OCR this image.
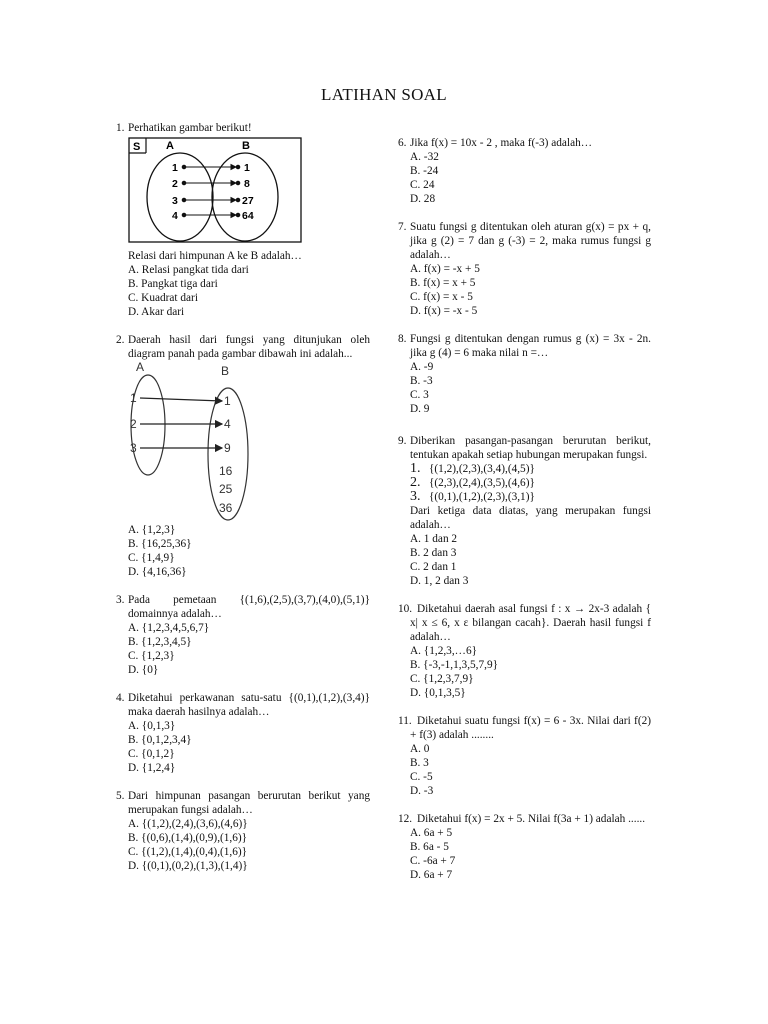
LATIHAN SOAL
1. Perhatikan gambar berikut!

S A	B
1
2
3
4
1
8
27
64

Relasi dari himpunan A ke B adalah…

A. Relasi pangkat tida dari
B. Pangkat tiga dari
C. Kuadrat dari
D. Akar dari
2. Daerah hasil dari fungsi yang ditunjukan oleh diagram panah pada gambar dibawah ini adalah...

A	B
1
2
3
1
4
9
16
25
36
A. {1,2,3}
B. {16,25,36}
C. {1,4,9}
D. {4,16,36}
3. Pada pemetaan {(1,6),(2,5),(3,7),(4,0),(5,1)} domainnya adalah…

A. {1,2,3,4,5,6,7}
B. {1,2,3,4,5}
C. {1,2,3}
D. {0}
4. Diketahui perkawanan satu-satu {(0,1),(1,2),(3,4)} maka daerah hasilnya adalah…

A. {0,1,3}
B. {0,1,2,3,4}
C. {0,1,2}
D. {1,2,4}
5. Dari himpunan pasangan berurutan berikut yang merupakan fungsi adalah…

A. {(1,2),(2,4),(3,6),(4,6)}
B. {(0,6),(1,4),(0,9),(1,6)}
C. {(1,2),(1,4),(0,4),(1,6)}
D. {(0,1),(0,2),(1,3),(1,4)}
6. Jika f(x) = 10x - 2 , maka f(-3) adalah…

A. -32
B. -24
C. 24
D. 28
7. Suatu fungsi g ditentukan oleh aturan g(x) = px + q, jika g (2) = 7 dan g (-3) = 2, maka rumus fungsi g adalah…

A. f(x) = -x + 5
B. f(x) = x + 5
C. f(x) = x - 5
D. f(x) = -x - 5
8. Fungsi g ditentukan dengan rumus g (x) = 3x - 2n. jika g (4) = 6 maka nilai n =…

A. -9
B. -3
C. 3
D. 9
9. Diberikan pasangan-pasangan berurutan berikut, tentukan apakah setiap hubungan merupakan fungsi.

1. {(1,2),(2,3),(3,4),(4,5)}
2. {(2,3),(2,4),(3,5),(4,6)}
3. {(0,1),(1,2),(2,3),(3,1)}

Dari ketiga data diatas, yang merupakan fungsi adalah…

A. 1 dan 2
B. 2 dan 3
C. 2 dan 1
D. 1, 2 dan 3
10. Diketahui daerah asal fungsi f : x → 2x-3 adalah { x| x ≤ 6, x ε bilangan cacah}. Daerah hasil fungsi f adalah…

A. {1,2,3,…6}
B. {-3,-1,1,3,5,7,9}
C. {1,2,3,7,9}
D. {0,1,3,5}
11. Diketahui suatu fungsi f(x) = 6 - 3x. Nilai dari f(2) + f(3) adalah ........

A. 0
B. 3
C. -5
D. -3
12. Diketahui f(x) = 2x + 5. Nilai f(3a + 1) adalah ......

A. 6a + 5
B. 6a - 5
C. -6a + 7
D. 6a + 7
